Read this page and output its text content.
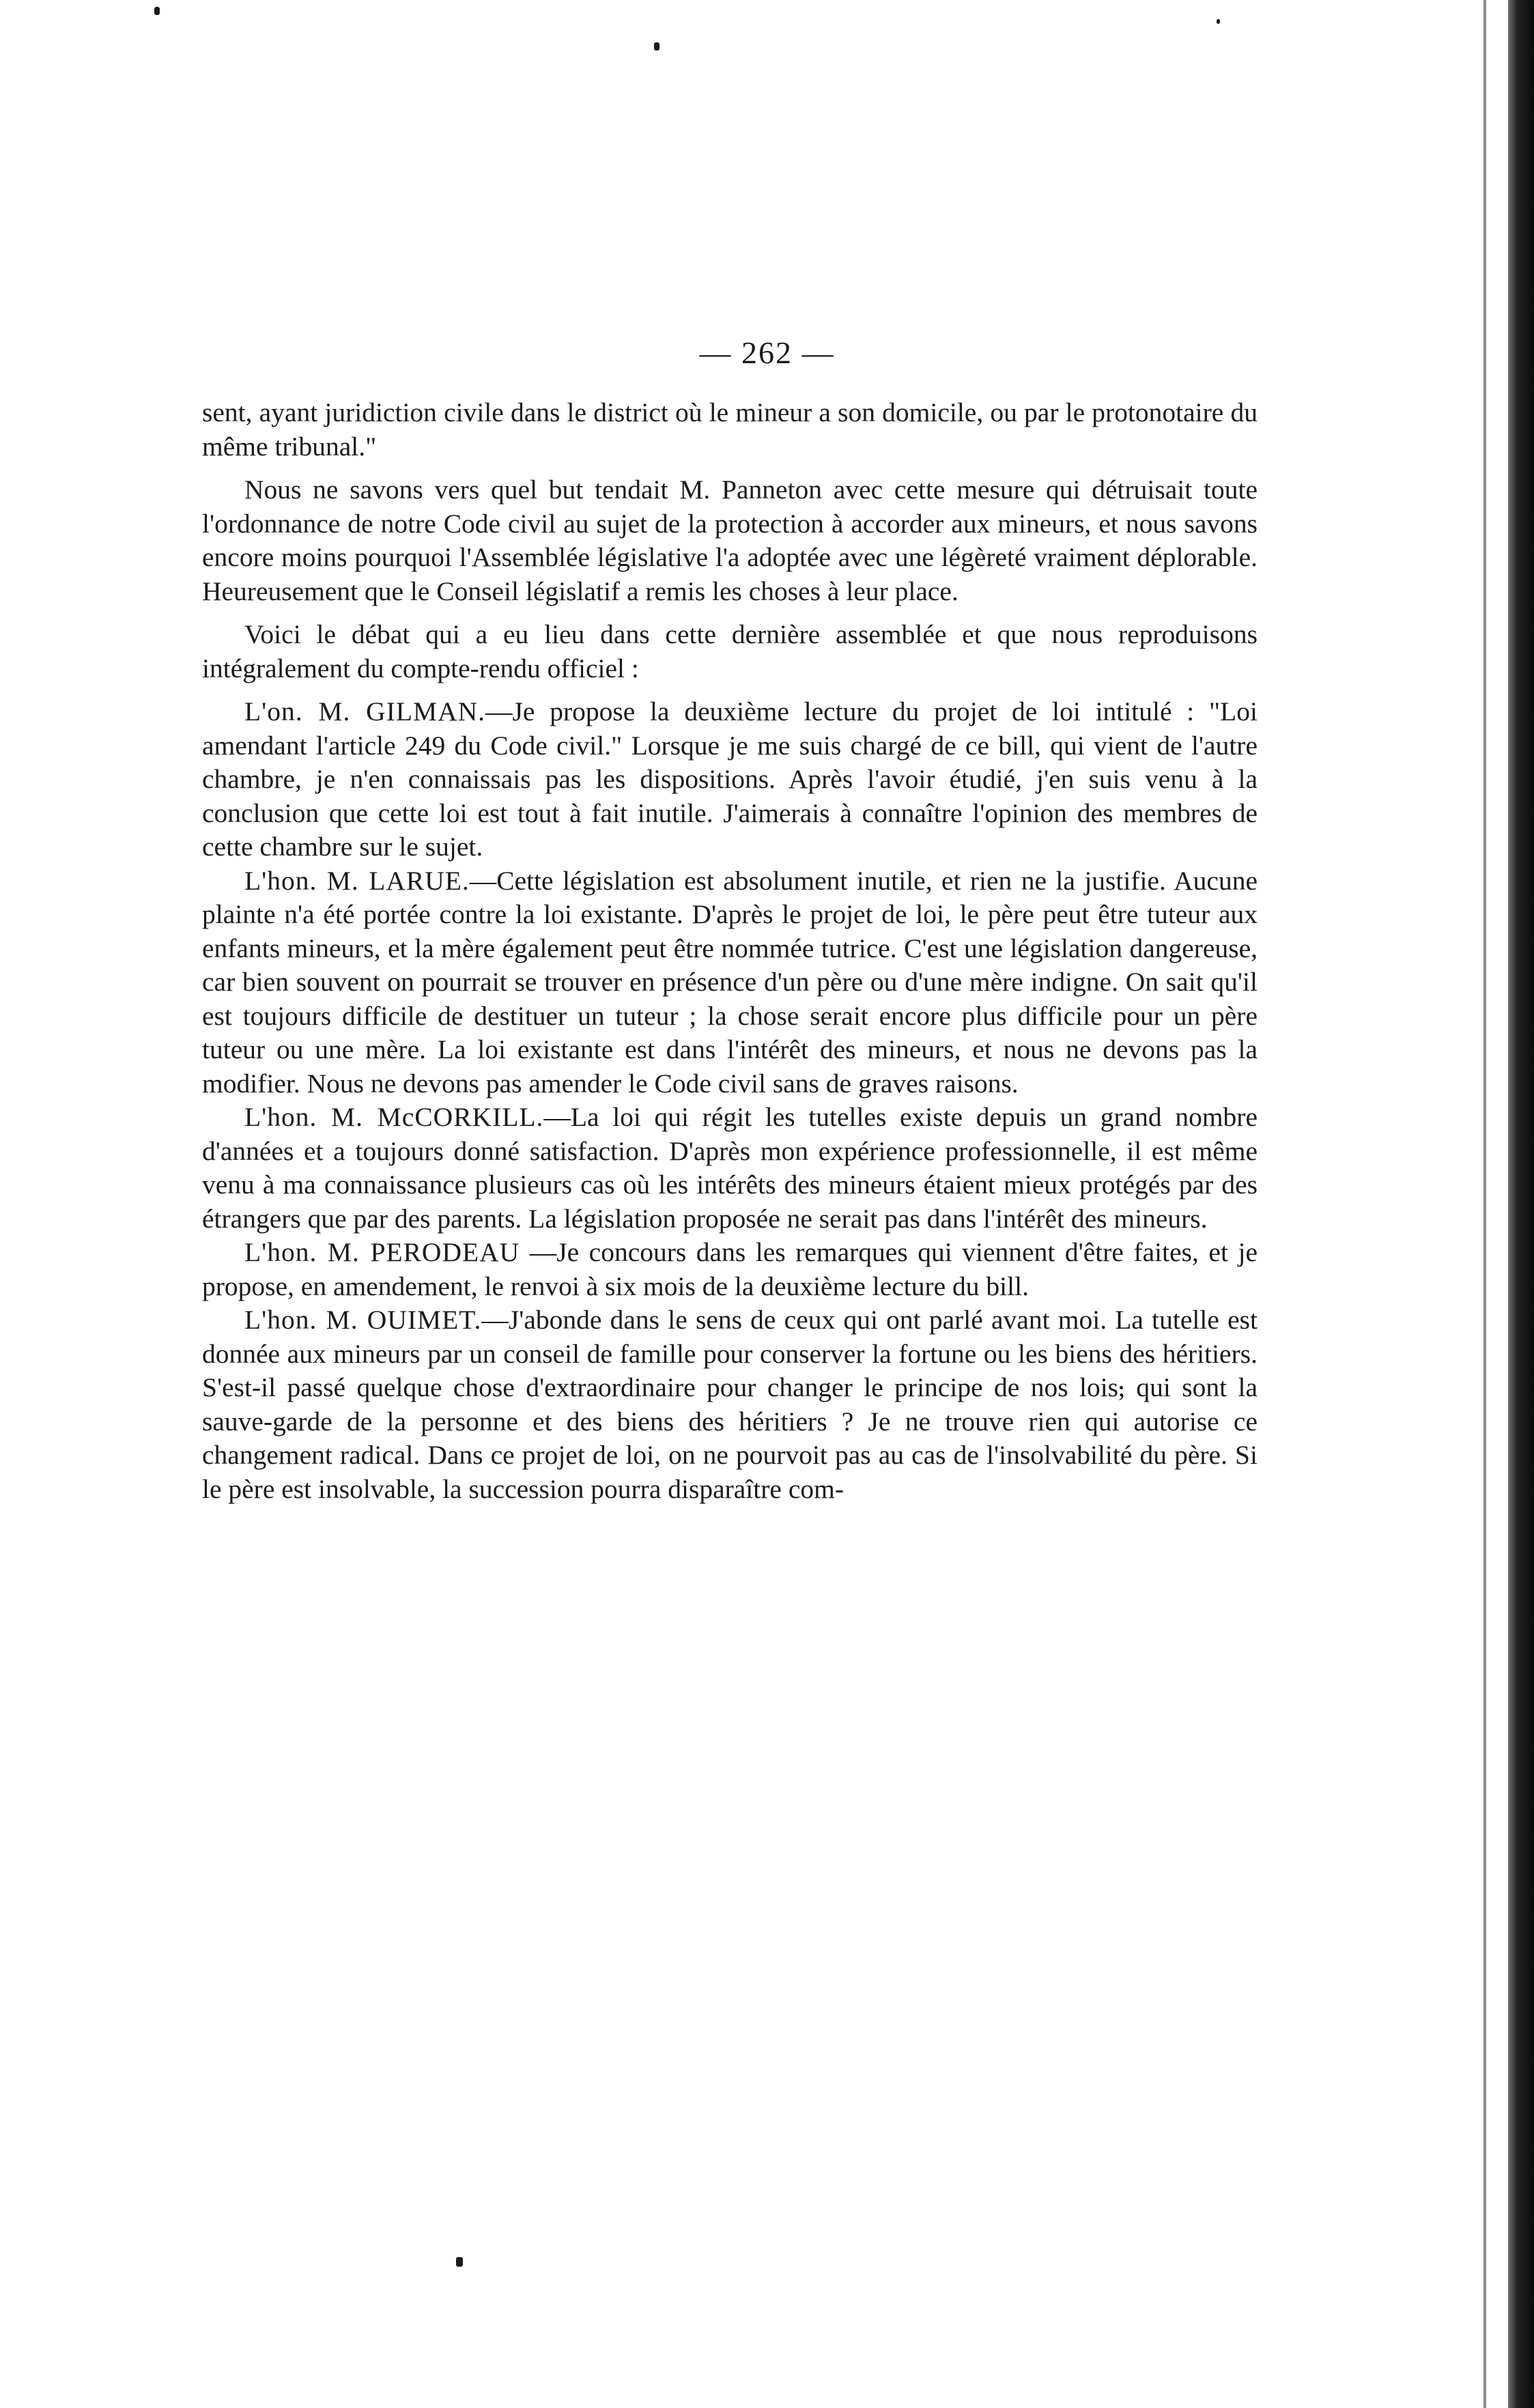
— 262 —

sent, ayant juridiction civile dans le district où le mineur a son domicile, ou par le protonotaire du même tribunal."

Nous ne savons vers quel but tendait M. Panneton avec cette mesure qui détruisait toute l'ordonnance de notre Code civil au sujet de la protection à accorder aux mineurs, et nous savons encore moins pourquoi l'Assemblée législative l'a adoptée avec une légèreté vraiment déplorable. Heureusement que le Conseil législatif a remis les choses à leur place.

Voici le débat qui a eu lieu dans cette dernière assemblée et que nous reproduisons intégralement du compte-rendu officiel :

L'on. M. GILMAN.—Je propose la deuxième lecture du projet de loi intitulé : "Loi amendant l'article 249 du Code civil." Lorsque je me suis chargé de ce bill, qui vient de l'autre chambre, je n'en connaissais pas les dispositions. Après l'avoir étudié, j'en suis venu à la conclusion que cette loi est tout à fait inutile. J'aimerais à connaître l'opinion des membres de cette chambre sur le sujet.

L'hon. M. LARUE.—Cette législation est absolument inutile, et rien ne la justifie. Aucune plainte n'a été portée contre la loi existante. D'après le projet de loi, le père peut être tuteur aux enfants mineurs, et la mère également peut être nommée tutrice. C'est une législation dangereuse, car bien souvent on pourrait se trouver en présence d'un père ou d'une mère indigne. On sait qu'il est toujours difficile de destituer un tuteur ; la chose serait encore plus difficile pour un père tuteur ou une mère. La loi existante est dans l'intérêt des mineurs, et nous ne devons pas la modifier. Nous ne devons pas amender le Code civil sans de graves raisons.

L'hon. M. McCORKILL.—La loi qui régit les tutelles existe depuis un grand nombre d'années et a toujours donné satisfaction. D'après mon expérience professionnelle, il est même venu à ma connaissance plusieurs cas où les intérêts des mineurs étaient mieux protégés par des étrangers que par des parents. La législation proposée ne serait pas dans l'intérêt des mineurs.

L'hon. M. PERODEAU —Je concours dans les remarques qui viennent d'être faites, et je propose, en amendement, le renvoi à six mois de la deuxième lecture du bill.

L'hon. M. OUIMET.—J'abonde dans le sens de ceux qui ont parlé avant moi. La tutelle est donnée aux mineurs par un conseil de famille pour conserver la fortune ou les biens des héritiers. S'est-il passé quelque chose d'extraordinaire pour changer le principe de nos lois, qui sont la sauve-garde de la personne et des biens des héritiers ? Je ne trouve rien qui autorise ce changement radical. Dans ce projet de loi, on ne pourvoit pas au cas de l'insolvabilité du père. Si le père est insolvable, la succession pourra disparaître com-
